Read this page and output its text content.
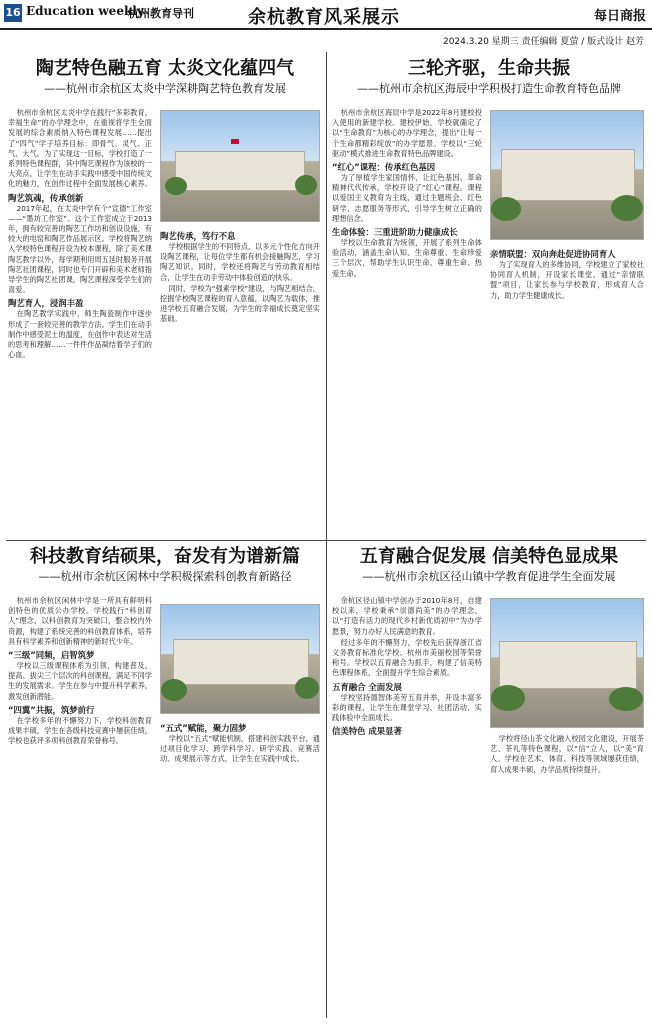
16 Education weekly
杭州教育导刊	余杭教育风采展示	每日商报
2024.3.20 星期三 责任编辑 夏萤 / 版式设计 赵芳
陶艺特色融五育 太炎文化蕴四气
——杭州市余杭区太炎中学深耕陶艺特色教育发展

杭州市余杭区太炎中学在践行“多彩教育，幸福生命”的办学理念中，在重视将学生全面发展的综合素质纳入特色课程发展……提出了“四气”学子培养目标：即骨气、灵气、正气、大气。为了实现这一目标，学校打造了一系列特色课程群，其中陶艺课程作为该校的一大亮点，让学生在动手实践中感受中国传统文化的魅力，在创作过程中全面发展核心素养。

陶艺筑魂，传承创新

2017年起，在太炎中学有个“宣德”工作室——“墨坊工作室”。这个工作室成立于2013年，拥有较完善的陶艺工作坊和创设设施，有较大的电窑和陶艺作品展示区。学校将陶艺纳入学校特色课程开设为校本课程，除了美术课陶艺教学以外，每学期利用周五延时服务开展陶艺社团课程，同时也专门开辟和美术老师指导学生的陶艺社团课，陶艺课程深受学生们的喜爱。

陶艺育人，浸润丰盈

在陶艺教学实践中，师生陶瓷制作中逐步形成了一套较完善的教学方法。学生们在动手制作中感受泥土的温度，在创作中表达对生活的思考和理解……一件件作品凝结着学子们的心血。

陶艺传承，笃行不息

学校根据学生的不同特点，以多元个性化方向开设陶艺课程，让每位学生都有机会接触陶艺，学习陶艺知识。同时，学校还将陶艺与劳动教育相结合，让学生在动手劳动中体验创造的快乐。

同时，学校为“强素学校”建设，与陶艺相结合，挖掘学校陶艺课程的育人意蕴，以陶艺为载体，推进学校五育融合发展，为学生的幸福成长奠定坚实基础。

三轮齐驱，生命共振
——杭州市余杭区海辰中学积极打造生命教育特色品牌

杭州市余杭区海辰中学是2022年8月建校投入使用的新建学校。建校伊始，学校就确定了以“生命教育”为核心的办学理念，提出“让每一个生命都精彩绽放”的办学愿景。学校以“三轮驱动”模式推进生命教育特色品牌建设。

“红心”课程：传承红色基因

为了厚植学生家国情怀，让红色基因、革命精神代代传承，学校开设了“红心”课程。课程以爱国主义教育为主线，通过主题班会、红色研学、志愿服务等形式，引导学生树立正确的理想信念。

生命体验：三重进阶助力健康成长

学校以生命教育为统领，开展了系列生命体验活动，涵盖生命认知、生命尊重、生命珍爱三个层次，帮助学生认识生命、尊重生命、热爱生命。

亲情联盟：双向奔赴促进协同育人

为了实现育人的多维协同，学校建立了家校社协同育人机制，开设家长课堂，通过“亲情联盟”项目，让家长参与学校教育，形成育人合力，助力学生健康成长。

科技教育结硕果，奋发有为谱新篇
——杭州市余杭区闲林中学积极探索科创教育新路径

杭州市余杭区闲林中学是一所具有鲜明科创特色的优质公办学校。学校践行“科创育人”理念，以科创教育为突破口，整合校内外资源，构建了系统完善的科创教育体系，培养具有科学素养和创新精神的新时代少年。

“三级”同频，启智筑梦

学校以三级课程体系为引领，构建普及、提高、拔尖三个层次的科创课程，满足不同学生的发展需求。学生在参与中提升科学素养，激发创新潜能。

“四翼”共振，筑梦前行

在学校多年的不懈努力下，学校科创教育成果丰硕，学生在各级科技竞赛中屡获佳绩，学校也获评多项科创教育荣誉称号。

“五式”赋能，聚力固梦

学校以“五式”赋能机制，搭建科创实践平台，通过项目化学习、跨学科学习、研学实践、竞赛活动、成果展示等方式，让学生在实践中成长。

五育融合促发展 信美特色显成果
——杭州市余杭区径山镇中学教育促进学生全面发展

余杭区径山镇中学创办于2010年8月，自建校以来，学校秉承“崇德尚美”的办学理念，以“打造有活力的现代乡村新优质初中”为办学愿景，努力办好人民满意的教育。

经过多年的不懈努力，学校先后获得浙江省义务教育标准化学校、杭州市美丽校园等荣誉称号。学校以五育融合为抓手，构建了信美特色课程体系，全面提升学生综合素质。

五育融合 全面发展

学校坚持德智体美劳五育并举，开设丰富多彩的课程，让学生在课堂学习、社团活动、实践体验中全面成长。

信美特色 成果显著

学校将径山茶文化融入校园文化建设，开展茶艺、茶礼等特色课程，以“信”立人，以“美”育人。学校在艺术、体育、科技等领域屡获佳绩，育人成果丰硕，办学品质持续提升。
